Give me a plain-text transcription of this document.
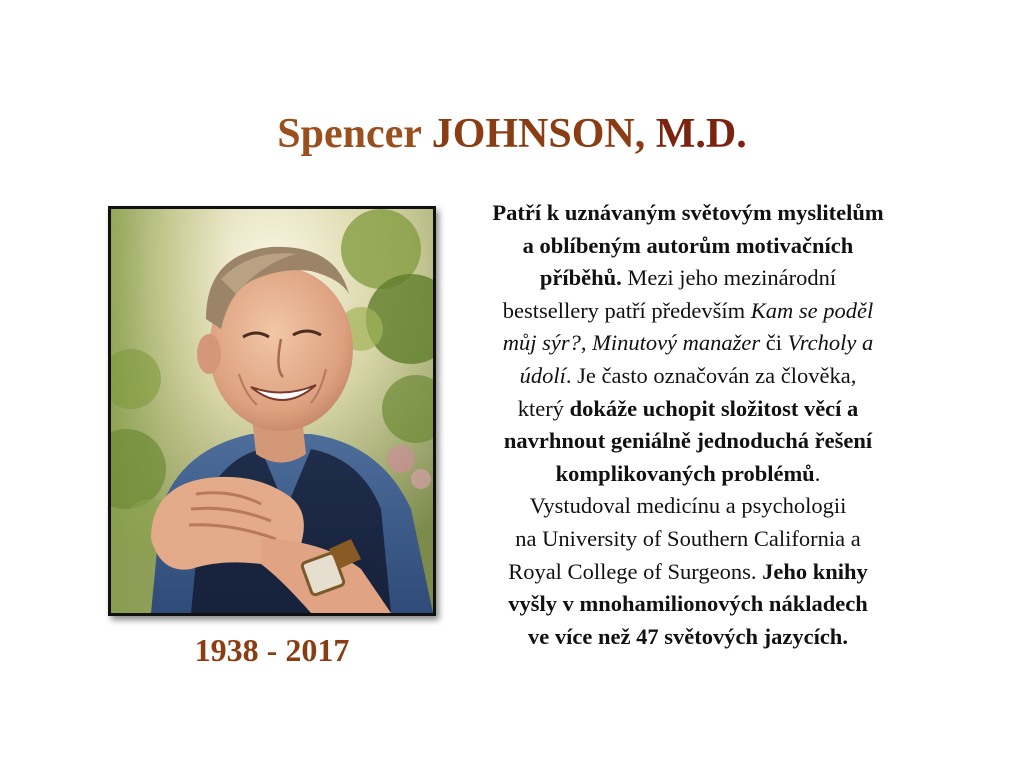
Spencer JOHNSON, M.D.
1938 - 2017
Patří k uznávaným světovým myslitelům
a oblíbeným autorům motivačních
příběhů. Mezi jeho mezinárodní
bestsellery patří především Kam se poděl
můj sýr?, Minutový manažer či Vrcholy a
údolí. Je často označován za člověka,
který dokáže uchopit složitost věcí a
navrhnout geniálně jednoduchá řešení
komplikovaných problémů.
Vystudoval medicínu a psychologii
na University of Southern California a
Royal College of Surgeons. Jeho knihy
vyšly v mnohamilionových nákladech
ve více než 47 světových jazycích.
